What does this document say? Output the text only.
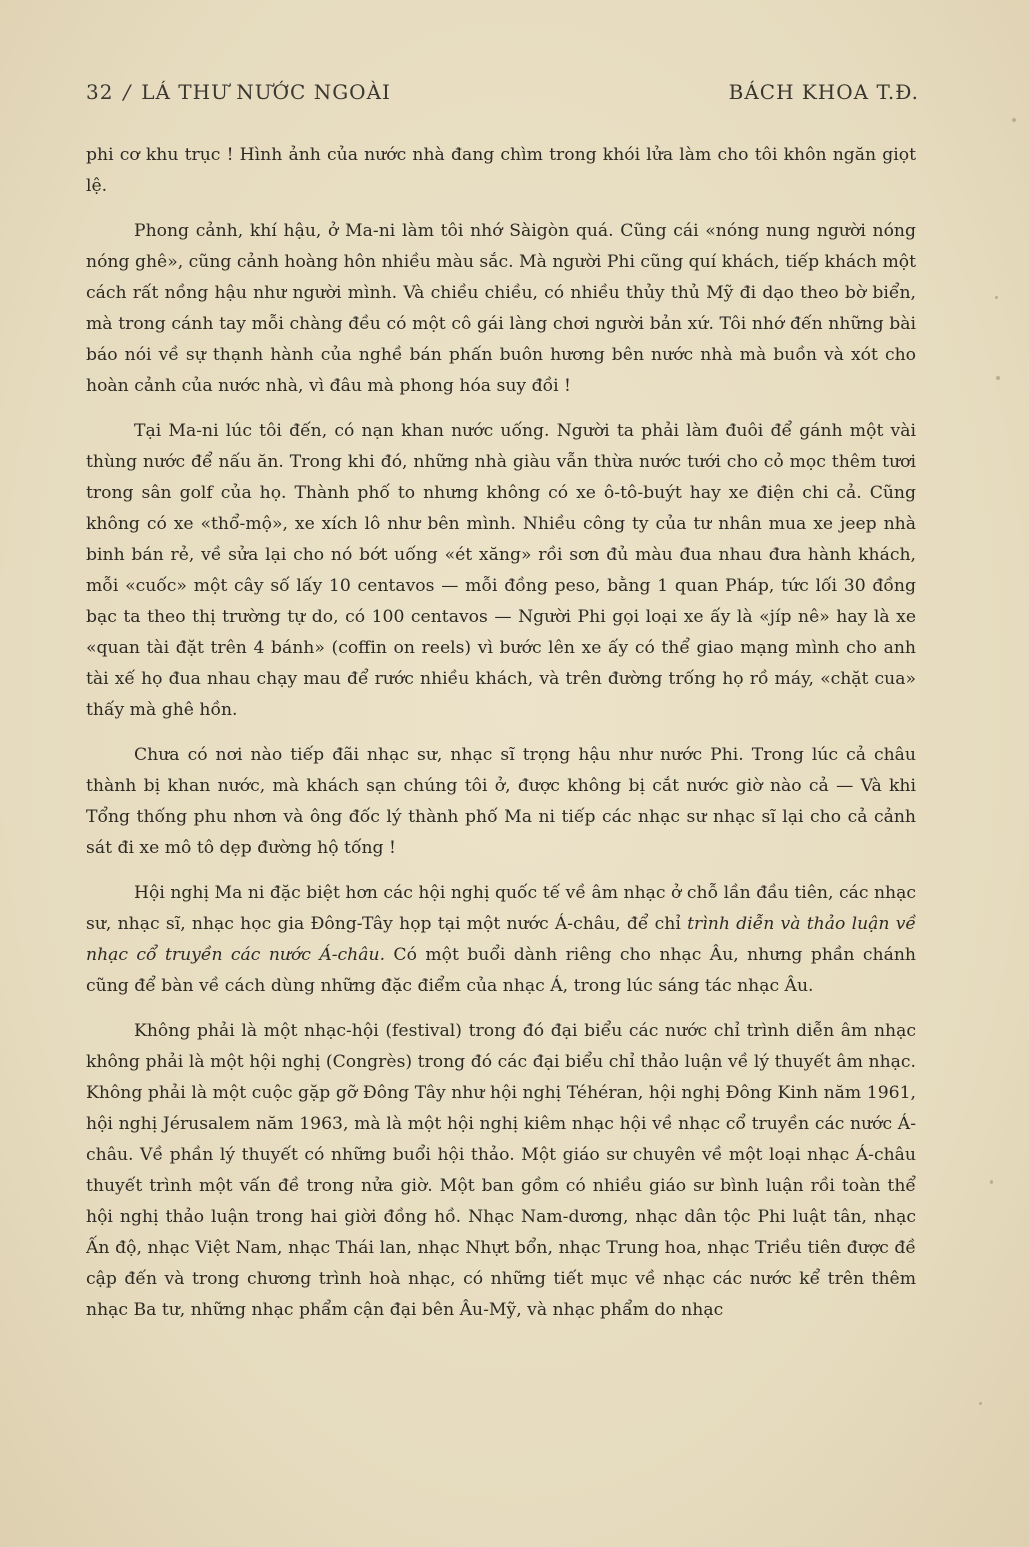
32 / LÁ THƯ NƯỚC NGOÀI	BÁCH KHOA T.Đ.

phi cơ khu trục ! Hình ảnh của nước nhà đang chìm trong khói lửa làm cho tôi khôn ngăn giọt lệ.

Phong cảnh, khí hậu, ở Ma-ni làm tôi nhớ Sàigòn quá. Cũng cái «nóng nung người nóng nóng ghê», cũng cảnh hoàng hôn nhiều màu sắc. Mà người Phi cũng quí khách, tiếp khách một cách rất nồng hậu như người mình. Và chiều chiều, có nhiều thủy thủ Mỹ đi dạo theo bờ biển, mà trong cánh tay mỗi chàng đều có một cô gái làng chơi người bản xứ. Tôi nhớ đến những bài báo nói về sự thạnh hành của nghề bán phấn buôn hương bên nước nhà mà buồn và xót cho hoàn cảnh của nước nhà, vì đâu mà phong hóa suy đồi !

Tại Ma-ni lúc tôi đến, có nạn khan nước uống. Người ta phải làm đuôi để gánh một vài thùng nước để nấu ăn. Trong khi đó, những nhà giàu vẫn thừa nước tưới cho cỏ mọc thêm tươi trong sân golf của họ. Thành phố to nhưng không có xe ô-tô-buýt hay xe điện chi cả. Cũng không có xe «thổ-mộ», xe xích lô như bên mình. Nhiều công ty của tư nhân mua xe jeep nhà binh bán rẻ, về sửa lại cho nó bớt uống «ét xăng» rồi sơn đủ màu đua nhau đưa hành khách, mỗi «cuốc» một cây số lấy 10 centavos — mỗi đồng peso, bằng 1 quan Pháp, tức lối 30 đồng bạc ta theo thị trường tự do, có 100 centavos — Người Phi gọi loại xe ấy là «jíp nê» hay là xe «quan tài đặt trên 4 bánh» (coffin on reels) vì bước lên xe ấy có thể giao mạng mình cho anh tài xế họ đua nhau chạy mau để rước nhiều khách, và trên đường trống họ rồ máy, «chặt cua» thấy mà ghê hồn.

Chưa có nơi nào tiếp đãi nhạc sư, nhạc sĩ trọng hậu như nước Phi. Trong lúc cả châu thành bị khan nước, mà khách sạn chúng tôi ở, được không bị cắt nước giờ nào cả — Và khi Tổng thống phu nhơn và ông đốc lý thành phố Ma ni tiếp các nhạc sư nhạc sĩ lại cho cả cảnh sát đi xe mô tô dẹp đường hộ tống !

Hội nghị Ma ni đặc biệt hơn các hội nghị quốc tế về âm nhạc ở chỗ lần đầu tiên, các nhạc sư, nhạc sĩ, nhạc học gia Đông-Tây họp tại một nước Á-châu, để chỉ trình diễn và thảo luận về nhạc cổ truyền các nước Á-châu. Có một buổi dành riêng cho nhạc Âu, nhưng phần chánh cũng để bàn về cách dùng những đặc điểm của nhạc Á, trong lúc sáng tác nhạc Âu.

Không phải là một nhạc-hội (festival) trong đó đại biểu các nước chỉ trình diễn âm nhạc không phải là một hội nghị (Congrès) trong đó các đại biểu chỉ thảo luận về lý thuyết âm nhạc. Không phải là một cuộc gặp gỡ Đông Tây như hội nghị Téhéran, hội nghị Đông Kinh năm 1961, hội nghị Jérusalem năm 1963, mà là một hội nghị kiêm nhạc hội về nhạc cổ truyền các nước Á-châu. Về phần lý thuyết có những buổi hội thảo. Một giáo sư chuyên về một loại nhạc Á-châu thuyết trình một vấn đề trong nửa giờ. Một ban gồm có nhiều giáo sư bình luận rồi toàn thể hội nghị thảo luận trong hai giời đồng hồ. Nhạc Nam-dương, nhạc dân tộc Phi luật tân, nhạc Ấn độ, nhạc Việt Nam, nhạc Thái lan, nhạc Nhựt bổn, nhạc Trung hoa, nhạc Triều tiên được đề cập đến và trong chương trình hoà nhạc, có những tiết mục về nhạc các nước kể trên thêm nhạc Ba tư, những nhạc phẩm cận đại bên Âu-Mỹ, và nhạc phẩm do nhạc
